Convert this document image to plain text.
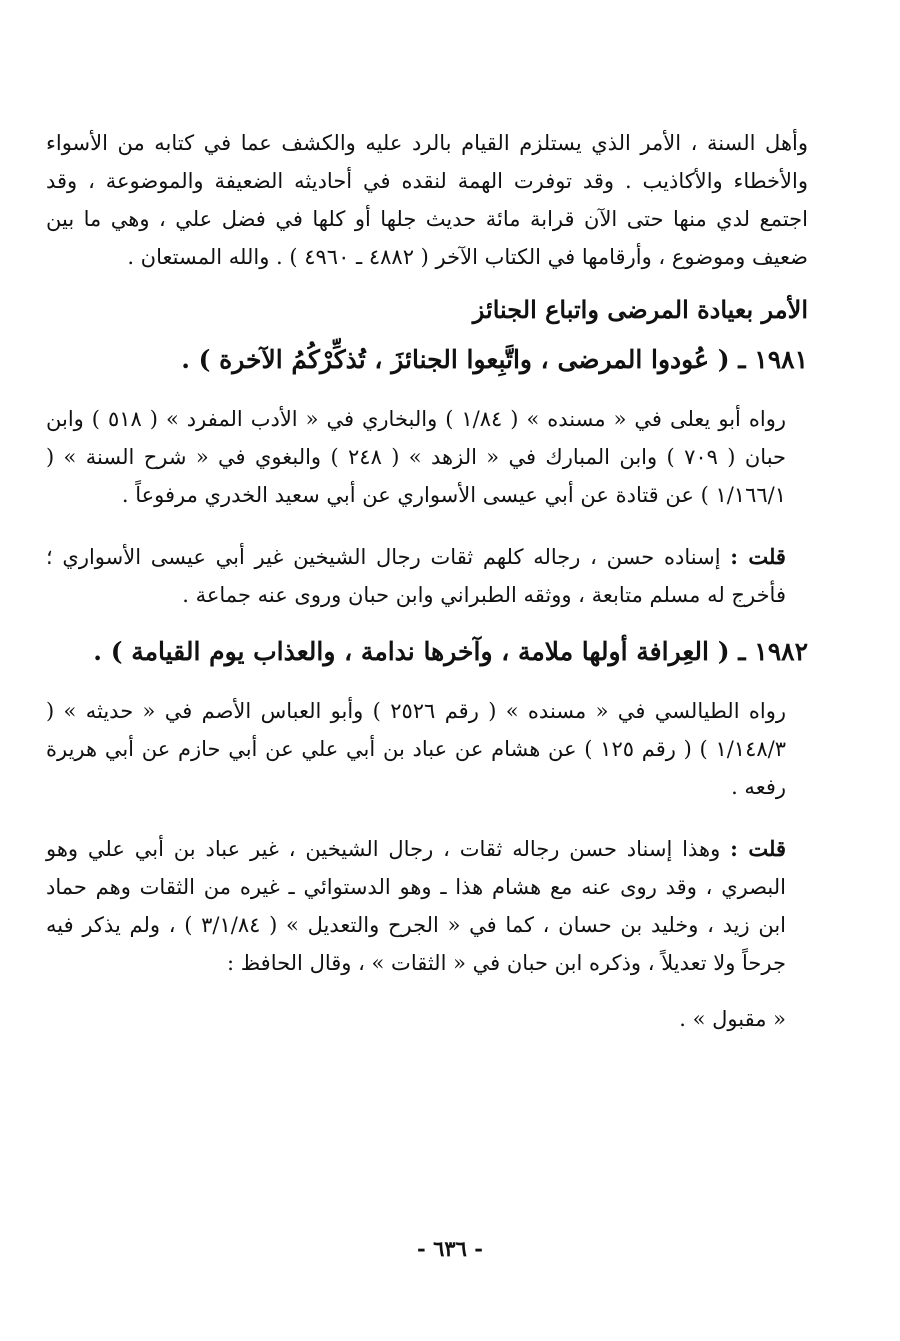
وأهل السنة ، الأمر الذي يستلزم القيام بالرد عليه والكشف عما في كتابه من الأسواء والأخطاء والأكاذيب . وقد توفرت الهمة لنقده في أحاديثه الضعيفة والموضوعة ، وقد اجتمع لدي منها حتى الآن قرابة مائة حديث جلها أو كلها في فضل علي ، وهي ما بين ضعيف وموضوع ، وأرقامها في الكتاب الآخر ( ٤٨٨٢ ـ ٤٩٦٠ ) . والله المستعان .

الأمر بعيادة المرضى واتباع الجنائز

١٩٨١ ـ ( عُودوا المرضى ، واتَّبِعوا الجنائزَ ، تُذكِّرْكُمُ الآخرة ) .

رواه أبو يعلى في « مسنده » ( ١/٨٤ ) والبخاري في « الأدب المفرد » ( ٥١٨ ) وابن حبان ( ٧٠٩ ) وابن المبارك في « الزهد » ( ٢٤٨ ) والبغوي في « شرح السنة » ( ١/١٦٦/١ ) عن قتادة عن أبي عيسى الأسواري عن أبي سعيد الخدري مرفوعاً .

قلت : إسناده حسن ، رجاله كلهم ثقات رجال الشيخين غير أبي عيسى الأسواري ؛ فأخرج له مسلم متابعة ، ووثقه الطبراني وابن حبان وروى عنه جماعة .

١٩٨٢ ـ ( العِرافة أولها ملامة ، وآخرها ندامة ، والعذاب يوم القيامة ) .

رواه الطيالسي في « مسنده » ( رقم ٢٥٢٦ ) وأبو العباس الأصم في « حديثه » ( ١/١٤٨/٣ ) ( رقم ١٢٥ ) عن هشام عن عباد بن أبي علي عن أبي حازم عن أبي هريرة رفعه .

قلت : وهذا إسناد حسن رجاله ثقات ، رجال الشيخين ، غير عباد بن أبي علي وهو البصري ، وقد روى عنه مع هشام هذا ـ وهو الدستوائي ـ غيره من الثقات وهم حماد ابن زيد ، وخليد بن حسان ، كما في « الجرح والتعديل » ( ٣/١/٨٤ ) ، ولم يذكر فيه جرحاً ولا تعديلاً ، وذكره ابن حبان في « الثقات » ، وقال الحافظ :

« مقبول » .

- ٦٣٦ -
